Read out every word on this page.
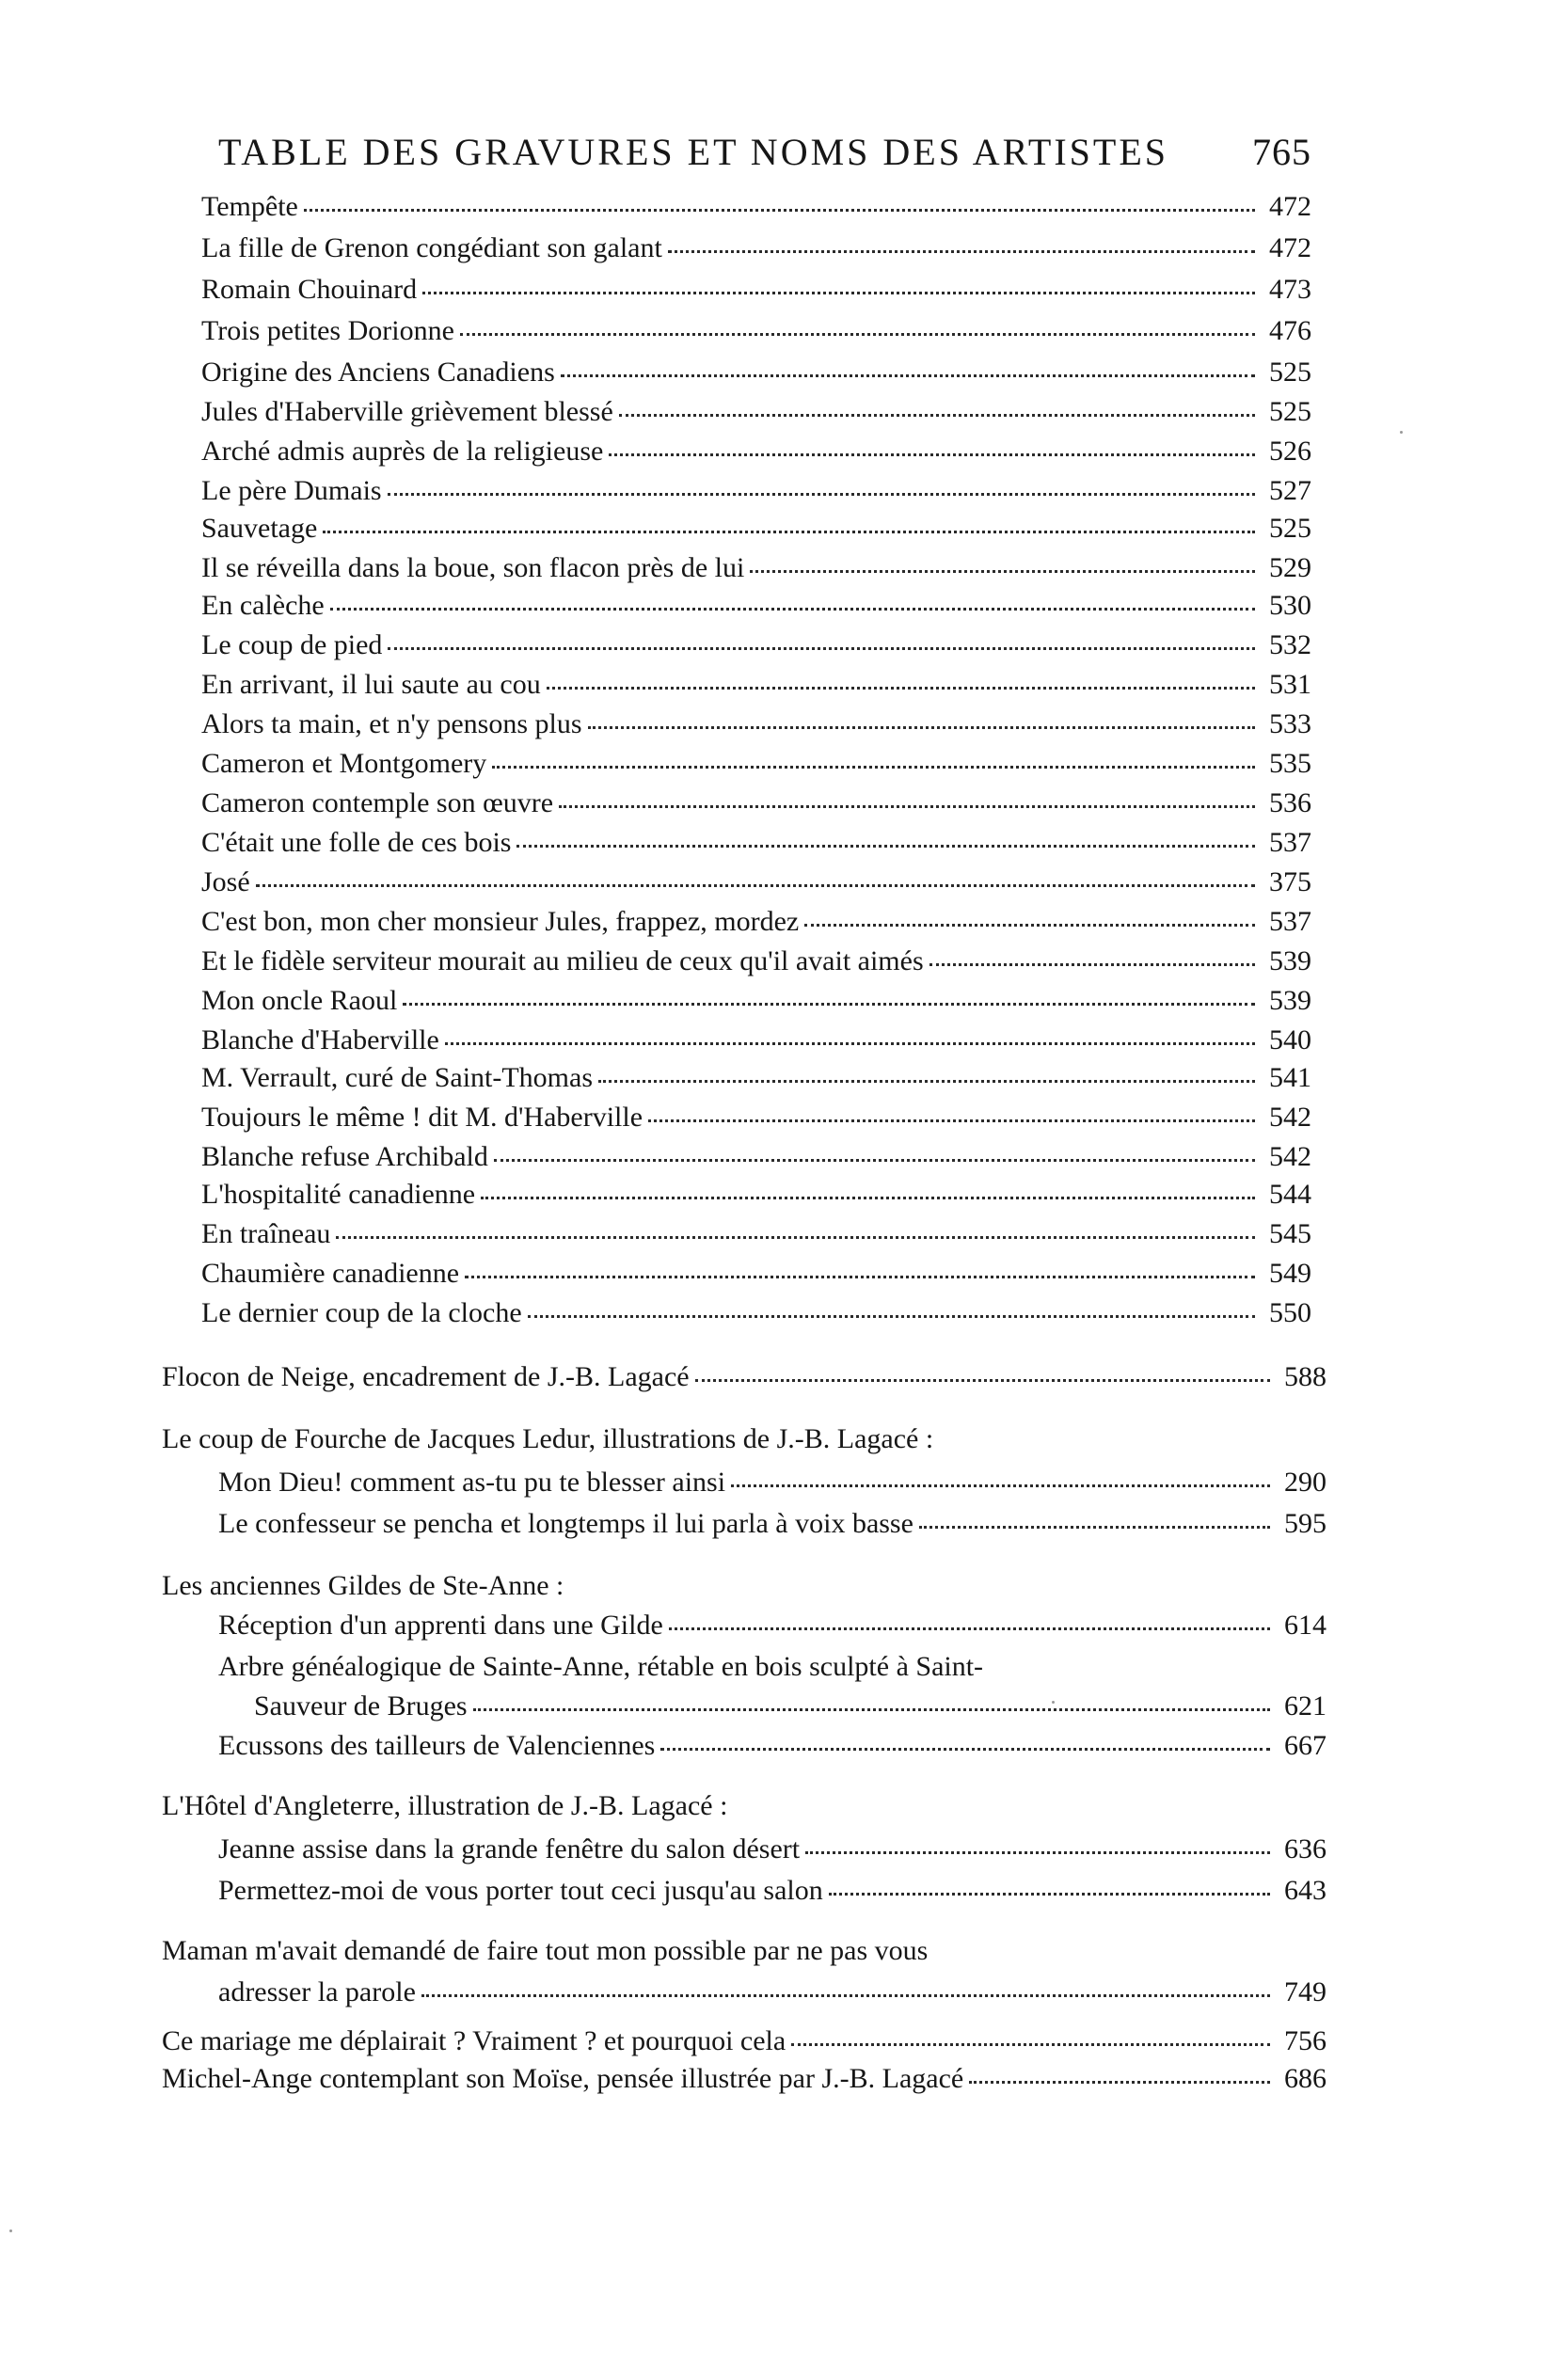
TABLE DES GRAVURES ET NOMS DES ARTISTES 765
Tempête	472
La fille de Grenon congédiant son galant	472
Romain Chouinard	473
Trois petites Dorionne	476
Origine des Anciens Canadiens	525
Jules d'Haberville grièvement blessé	525
Arché admis auprès de la religieuse	526
Le père Dumais	527
Sauvetage	525
Il se réveilla dans la boue, son flacon près de lui	529
En calèche	530
Le coup de pied	532
En arrivant, il lui saute au cou	531
Alors ta main, et n'y pensons plus	533
Cameron et Montgomery	535
Cameron contemple son œuvre	536
C'était une folle de ces bois	537
José	375
C'est bon, mon cher monsieur Jules, frappez, mordez	537
Et le fidèle serviteur mourait au milieu de ceux qu'il avait aimés	539
Mon oncle Raoul	539
Blanche d'Haberville	540
M. Verrault, curé de Saint-Thomas	541
Toujours le même ! dit M. d'Haberville	542
Blanche refuse Archibald	542
L'hospitalité canadienne	544
En traîneau	545
Chaumière canadienne	549
Le dernier coup de la cloche	550
Flocon de Neige, encadrement de J.-B. Lagacé	588
Le coup de Fourche de Jacques Ledur, illustrations de J.-B. Lagacé :
Mon Dieu! comment as-tu pu te blesser ainsi	290
Le confesseur se pencha et longtemps il lui parla à voix basse	595
Les anciennes Gildes de Ste-Anne :
Réception d'un apprenti dans une Gilde	614
Arbre généalogique de Sainte-Anne, rétable en bois sculpté à Saint-
Sauveur de Bruges	621
Ecussons des tailleurs de Valenciennes	667
L'Hôtel d'Angleterre, illustration de J.-B. Lagacé :
Jeanne assise dans la grande fenêtre du salon désert	636
Permettez-moi de vous porter tout ceci jusqu'au salon	643
Maman m'avait demandé de faire tout mon possible par ne pas vous
adresser la parole	749
Ce mariage me déplairait ? Vraiment ? et pourquoi cela	756
Michel-Ange contemplant son Moïse, pensée illustrée par J.-B. Lagacé	686
